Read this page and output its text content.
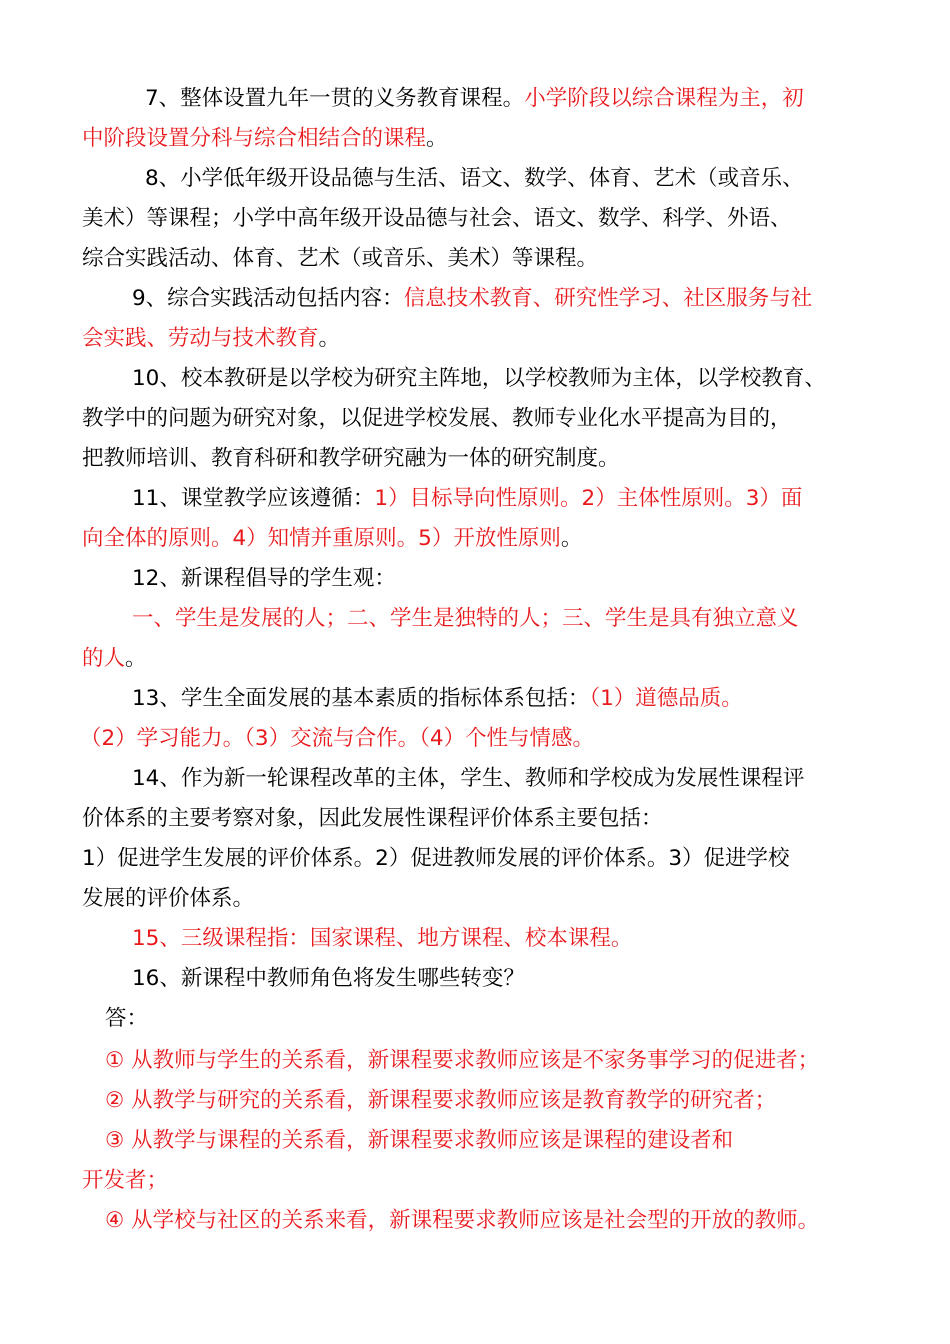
7、整体设置九年一贯的义务教育课程。小学阶段以综合课程为主，初
中阶段设置分科与综合相结合的课程。
8、小学低年级开设品德与生活、语文、数学、体育、艺术（或音乐、
美术）等课程；小学中高年级开设品德与社会、语文、数学、科学、外语、
综合实践活动、体育、艺术（或音乐、美术）等课程。
9、综合实践活动包括内容：信息技术教育、研究性学习、社区服务与社
会实践、劳动与技术教育。
10、校本教研是以学校为研究主阵地，以学校教师为主体，以学校教育、
教学中的问题为研究对象，以促进学校发展、教师专业化水平提高为目的，
把教师培训、教育科研和教学研究融为一体的研究制度。
11、课堂教学应该遵循：1）目标导向性原则。2）主体性原则。3）面
向全体的原则。4）知情并重原则。5）开放性原则。
12、新课程倡导的学生观：
一、学生是发展的人；二、学生是独特的人；三、学生是具有独立意义
的人。
13、学生全面发展的基本素质的指标体系包括：（1）道德品质。
（2）学习能力。（3）交流与合作。（4）个性与情感。
14、作为新一轮课程改革的主体，学生、教师和学校成为发展性课程评
价体系的主要考察对象，因此发展性课程评价体系主要包括：
1）促进学生发展的评价体系。2）促进教师发展的评价体系。3）促进学校
发展的评价体系。
15、三级课程指：国家课程、地方课程、校本课程。
16、新课程中教师角色将发生哪些转变？
答：
① 从教师与学生的关系看，新课程要求教师应该是不家务事学习的促进者；
② 从教学与研究的关系看，新课程要求教师应该是教育教学的研究者；
③ 从教学与课程的关系看，新课程要求教师应该是课程的建设者和
开发者；
④ 从学校与社区的关系来看，新课程要求教师应该是社会型的开放的教师。
